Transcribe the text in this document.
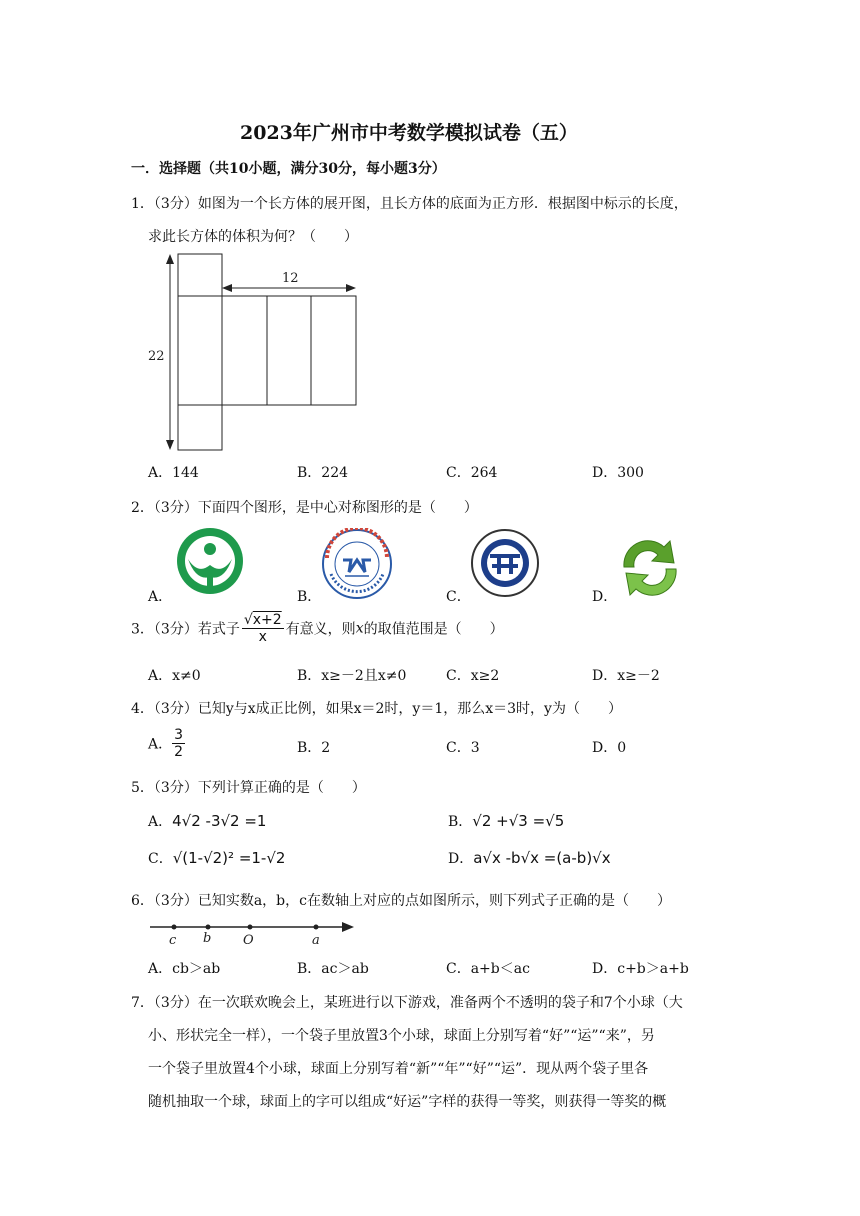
2023年广州市中考数学模拟试卷（五）
一．选择题（共10小题，满分30分，每小题3分）
1．（3分）如图为一个长方体的展开图，且长方体的底面为正方形．根据图中标示的长度，
求此长方体的体积为何？（　　）
12
22
A．144	B．224	C．264	D．300
2．（3分）下面四个图形，是中心对称图形的是（　　）
A．	B．	C．	D．
3．（3分）若式子 $\frac{√x+2}{x}$ 有意义，则x的取值范围是（　　）
A．x≠0	B．x≥－2且x≠0	C．x≥2	D．x≥－2
4．（3分）已知y与x成正比例，如果x＝2时，y＝1，那么x＝3时，y为（　　）
A． $\frac{3}{2}$	B．2	C．3	D．0
5．（3分）下列计算正确的是（　　）
A．4√2 -3√2 =1	B．√2 +√3 =√5
C．√(1-√2)² =1-√2	D．a√x -b√x =(a-b)√x
6．（3分）已知实数a，b，c在数轴上对应的点如图所示，则下列式子正确的是（　　）
c b O	a
A．cb＞ab	B．ac＞ab	C．a+b＜ac	D．c+b＞a+b
7．（3分）在一次联欢晚会上，某班进行以下游戏，准备两个不透明的袋子和7个小球（大
小、形状完全一样），一个袋子里放置3个小球，球面上分别写着“好”“运”“来”，另
一个袋子里放置4个小球，球面上分别写着“新”“年”“好”“运”．现从两个袋子里各
随机抽取一个球，球面上的字可以组成“好运”字样的获得一等奖，则获得一等奖的概
